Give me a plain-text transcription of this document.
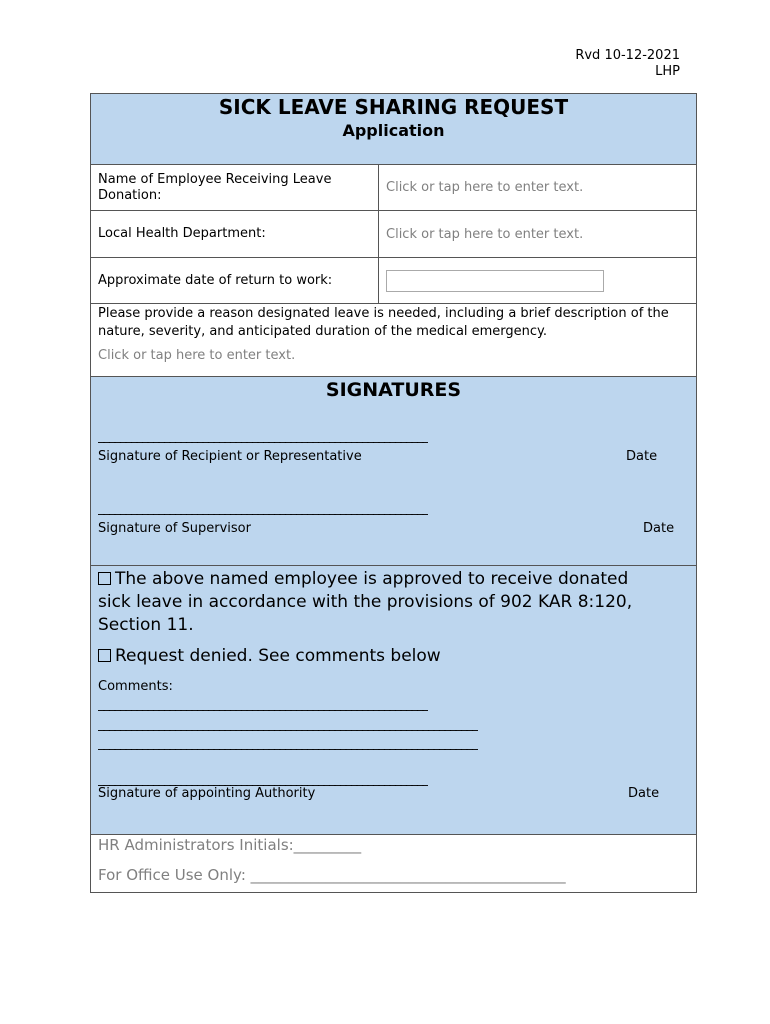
Rvd 10-12-2021
LHP
SICK LEAVE SHARING REQUEST
Application
Name of Employee Receiving Leave Donation:	Click or tap here to enter text.
Local Health Department:	Click or tap here to enter text.
Approximate date of return to work:
Please provide a reason designated leave is needed, including a brief description of the nature, severity, and anticipated duration of the medical emergency.
Click or tap here to enter text.
SIGNATURES
____________________________________________________________
Signature of Recipient or Representative	Date
____________________________________________________________
Signature of Supervisor	Date
The above named employee is approved to receive donated sick leave in accordance with the provisions of 902 KAR 8:120, Section 11.
Request denied. See comments below
Comments:
____________________________________________________________
_____________________________________________________________________
_____________________________________________________________________
____________________________________________________________
Signature of appointing Authority	Date
HR Administrators Initials:_________
For Office Use Only: __________________________________________
